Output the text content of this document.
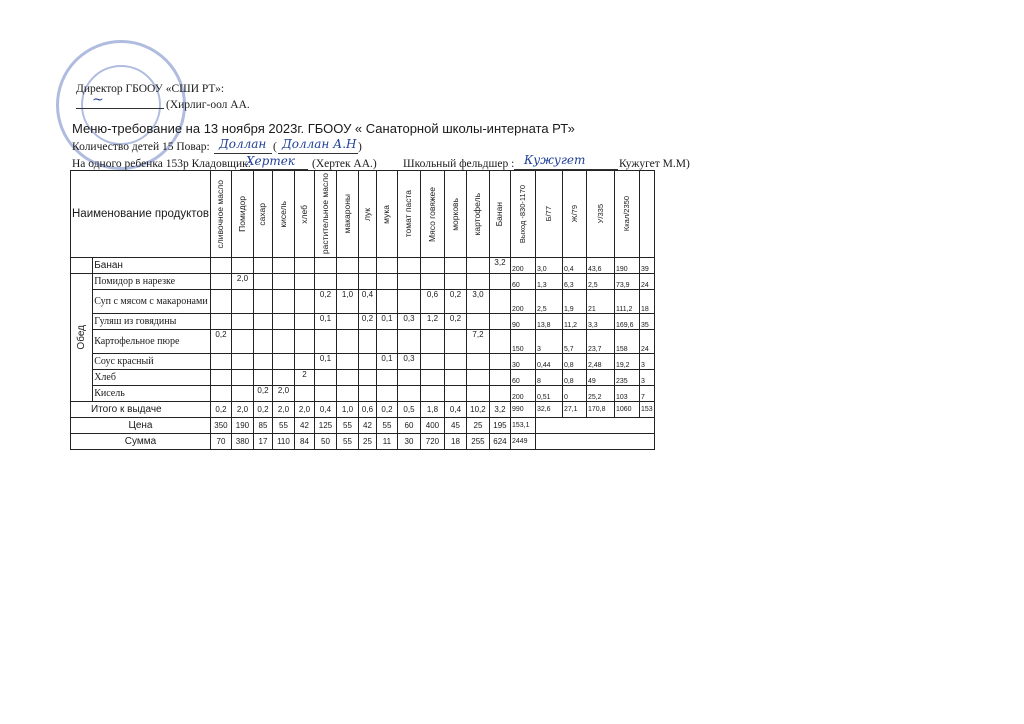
Директор ГБООУ «СШИ РТ»:
~	(Хирлиг-оол АА.
Меню-требование на 13 ноября 2023г. ГБООУ « Санаторной школы-интерната РТ»
Количество детей 15 Повар: Доллан ( Доллан А.Н )
На одного ребенка 153р Кладовщик:
Хертек (Хертек АА.) Школьный фельдшер : Кужугет	Кужугет М.М)
Наименование продуктов		сливочное масло	Помидор	сахар	кисель	хлеб	растительное масло	макароны	лук	мука	томат паста	Мясо говяжее	морковь	картофель	Банан	Выход -830-1170	Б/77	Ж/79	У/335	Ккал/2350	

	Банан														3,2	200	3,0	0,4	43,6	190	39

Обед	Помидор в нарезке		2,0													60	1,3	6,3	2,5	73,9	24
	Суп с мясом с макаронами						0,2	1,0	0,4			0,6	0,2	3,0		200	2,5	1,9	21	111,2	18
	Гуляш из говядины						0,1		0,2	0,1	0,3	1,2	0,2			90	13,8	11,2	3,3	169,6	35
	Картофельное пюре	0,2												7,2		150	3	5,7	23,7	158	24
	Соус красный						0,1			0,1	0,3					30	0,44	0,8	2,48	19,2	3
	Хлеб					2										60	8	0,8	49	235	3
	Кисель			0,2	2,0											200	0,51	0	25,2	103	7
Итого к выдаче		0,2	2,0	0,2	2,0	2,0	0,4	1,0	0,6	0,2	0,5	1,8	0,4	10,2	3,2	990	32,6	27,1	170,8	1060	153
Цена		350	190	85	55	42	125	55	42	55	60	400	45	25	195	153,1					
Сумма		70	380	17	110	84	50	55	25	11	30	720	18	255	624	2449					
